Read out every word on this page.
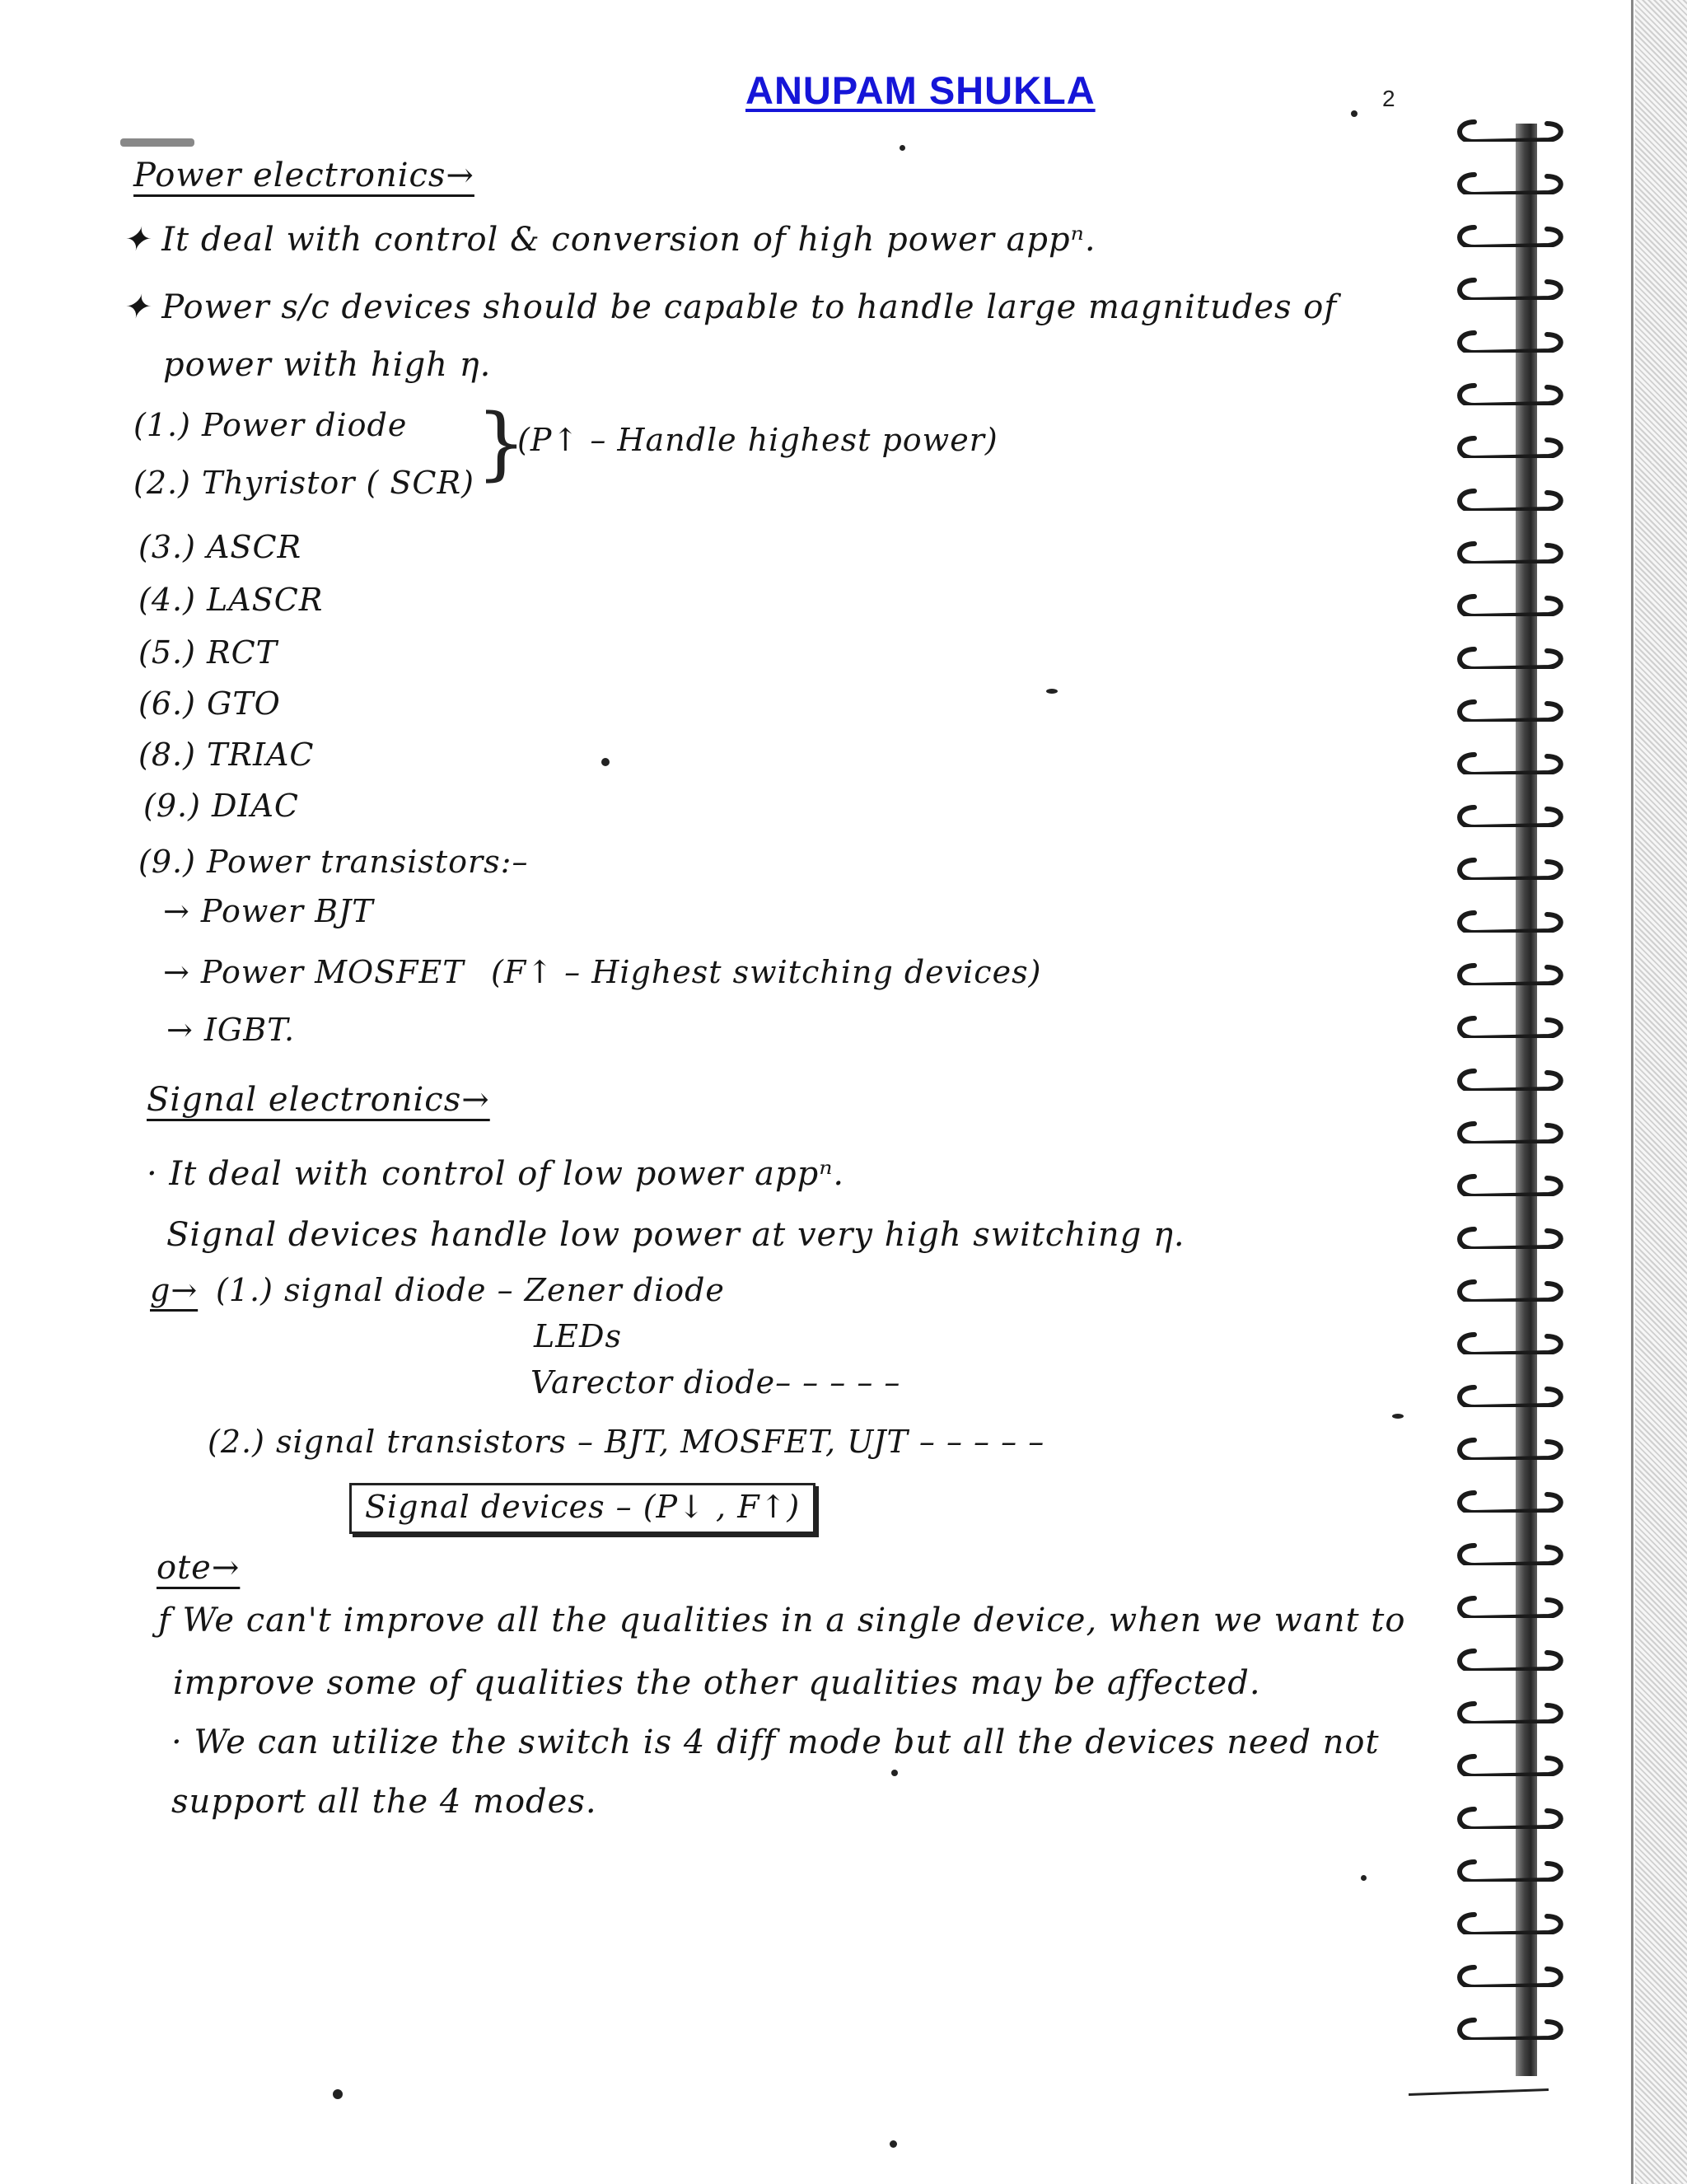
ANUPAM SHUKLA	2
Power electronics→
✦ It deal with control & conversion of high power appⁿ.
✦ Power s/c devices should be capable to handle large magnitudes of
power with high η.
(1.) Power diode
(2.) Thyristor ( SCR) }
(P↑ – Handle highest power)
(3.) ASCR
(4.) LASCR
(5.) RCT
(6.) GTO
(8.) TRIAC
(9.) DIAC
(9.) Power transistors:–
→ Power BJT
→ Power MOSFET (F↑ – Highest switching devices)
→ IGBT.
Signal electronics→
· It deal with control of low power appⁿ.
Signal devices handle low power at very high switching η.
g→ (1.) signal diode – Zener diode
LEDs
Varector diode– – – – –
(2.) signal transistors – BJT, MOSFET, UJT – – – – –
Signal devices – (P↓ , F↑)
ote→
ƒ We can't improve all the qualities in a single device, when we want to
improve some of qualities the other qualities may be affected.
· We can utilize the switch is 4 diff mode but all the devices need not
support all the 4 modes.
